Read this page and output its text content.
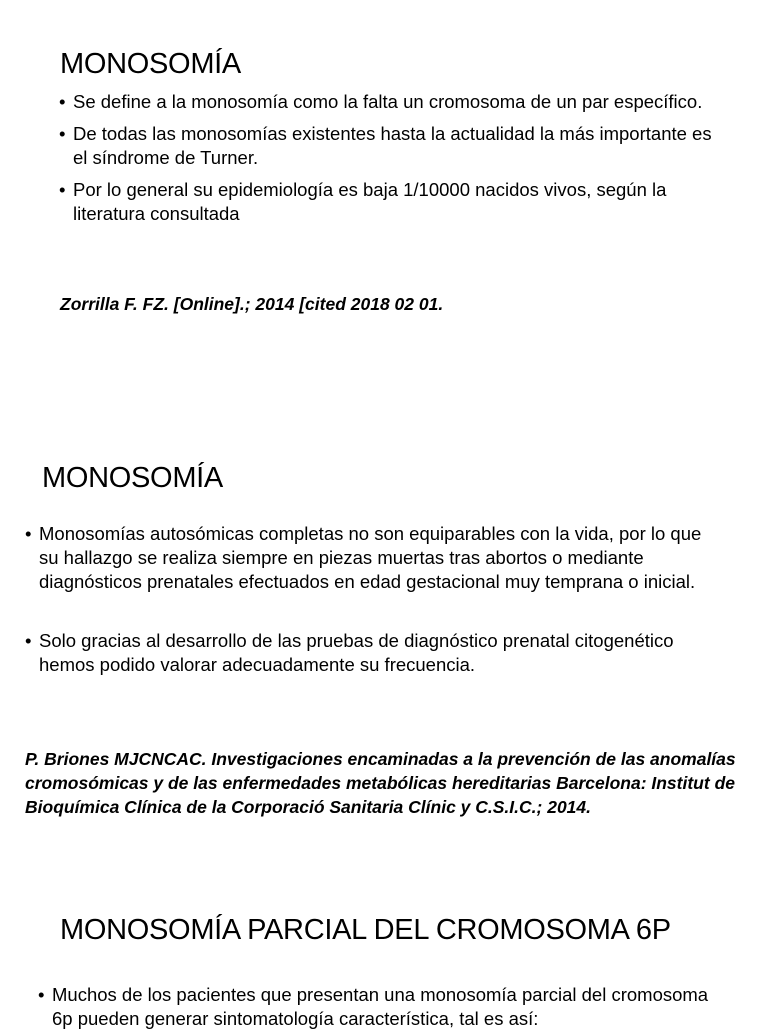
MONOSOMÍA
• Se define a la monosomía como la falta un cromosoma de un par específico.
• De todas las monosomías existentes hasta la actualidad la más importante es el síndrome de Turner.
• Por lo general su epidemiología es baja 1/10000 nacidos vivos, según la literatura consultada

Zorrilla F. FZ. [Online].; 2014 [cited 2018 02 01.

MONOSOMÍA
• Monosomías autosómicas completas no son equiparables con la vida, por lo que su hallazgo se realiza siempre en piezas muertas tras abortos o mediante diagnósticos prenatales efectuados en edad gestacional muy temprana o inicial.
• Solo gracias al desarrollo de las pruebas de diagnóstico prenatal citogenético hemos podido valorar adecuadamente su frecuencia.

P. Briones MJCNCAC. Investigaciones encaminadas a la prevención de las anomalías cromosómicas y de las enfermedades metabólicas hereditarias Barcelona: Institut de Bioquímica Clínica de la Corporació Sanitaria Clínic y C.S.I.C.; 2014.

MONOSOMÍA PARCIAL DEL CROMOSOMA 6P
• Muchos de los pacientes que presentan una monosomía parcial del cromosoma 6p pueden generar sintomatología característica, tal es así:
